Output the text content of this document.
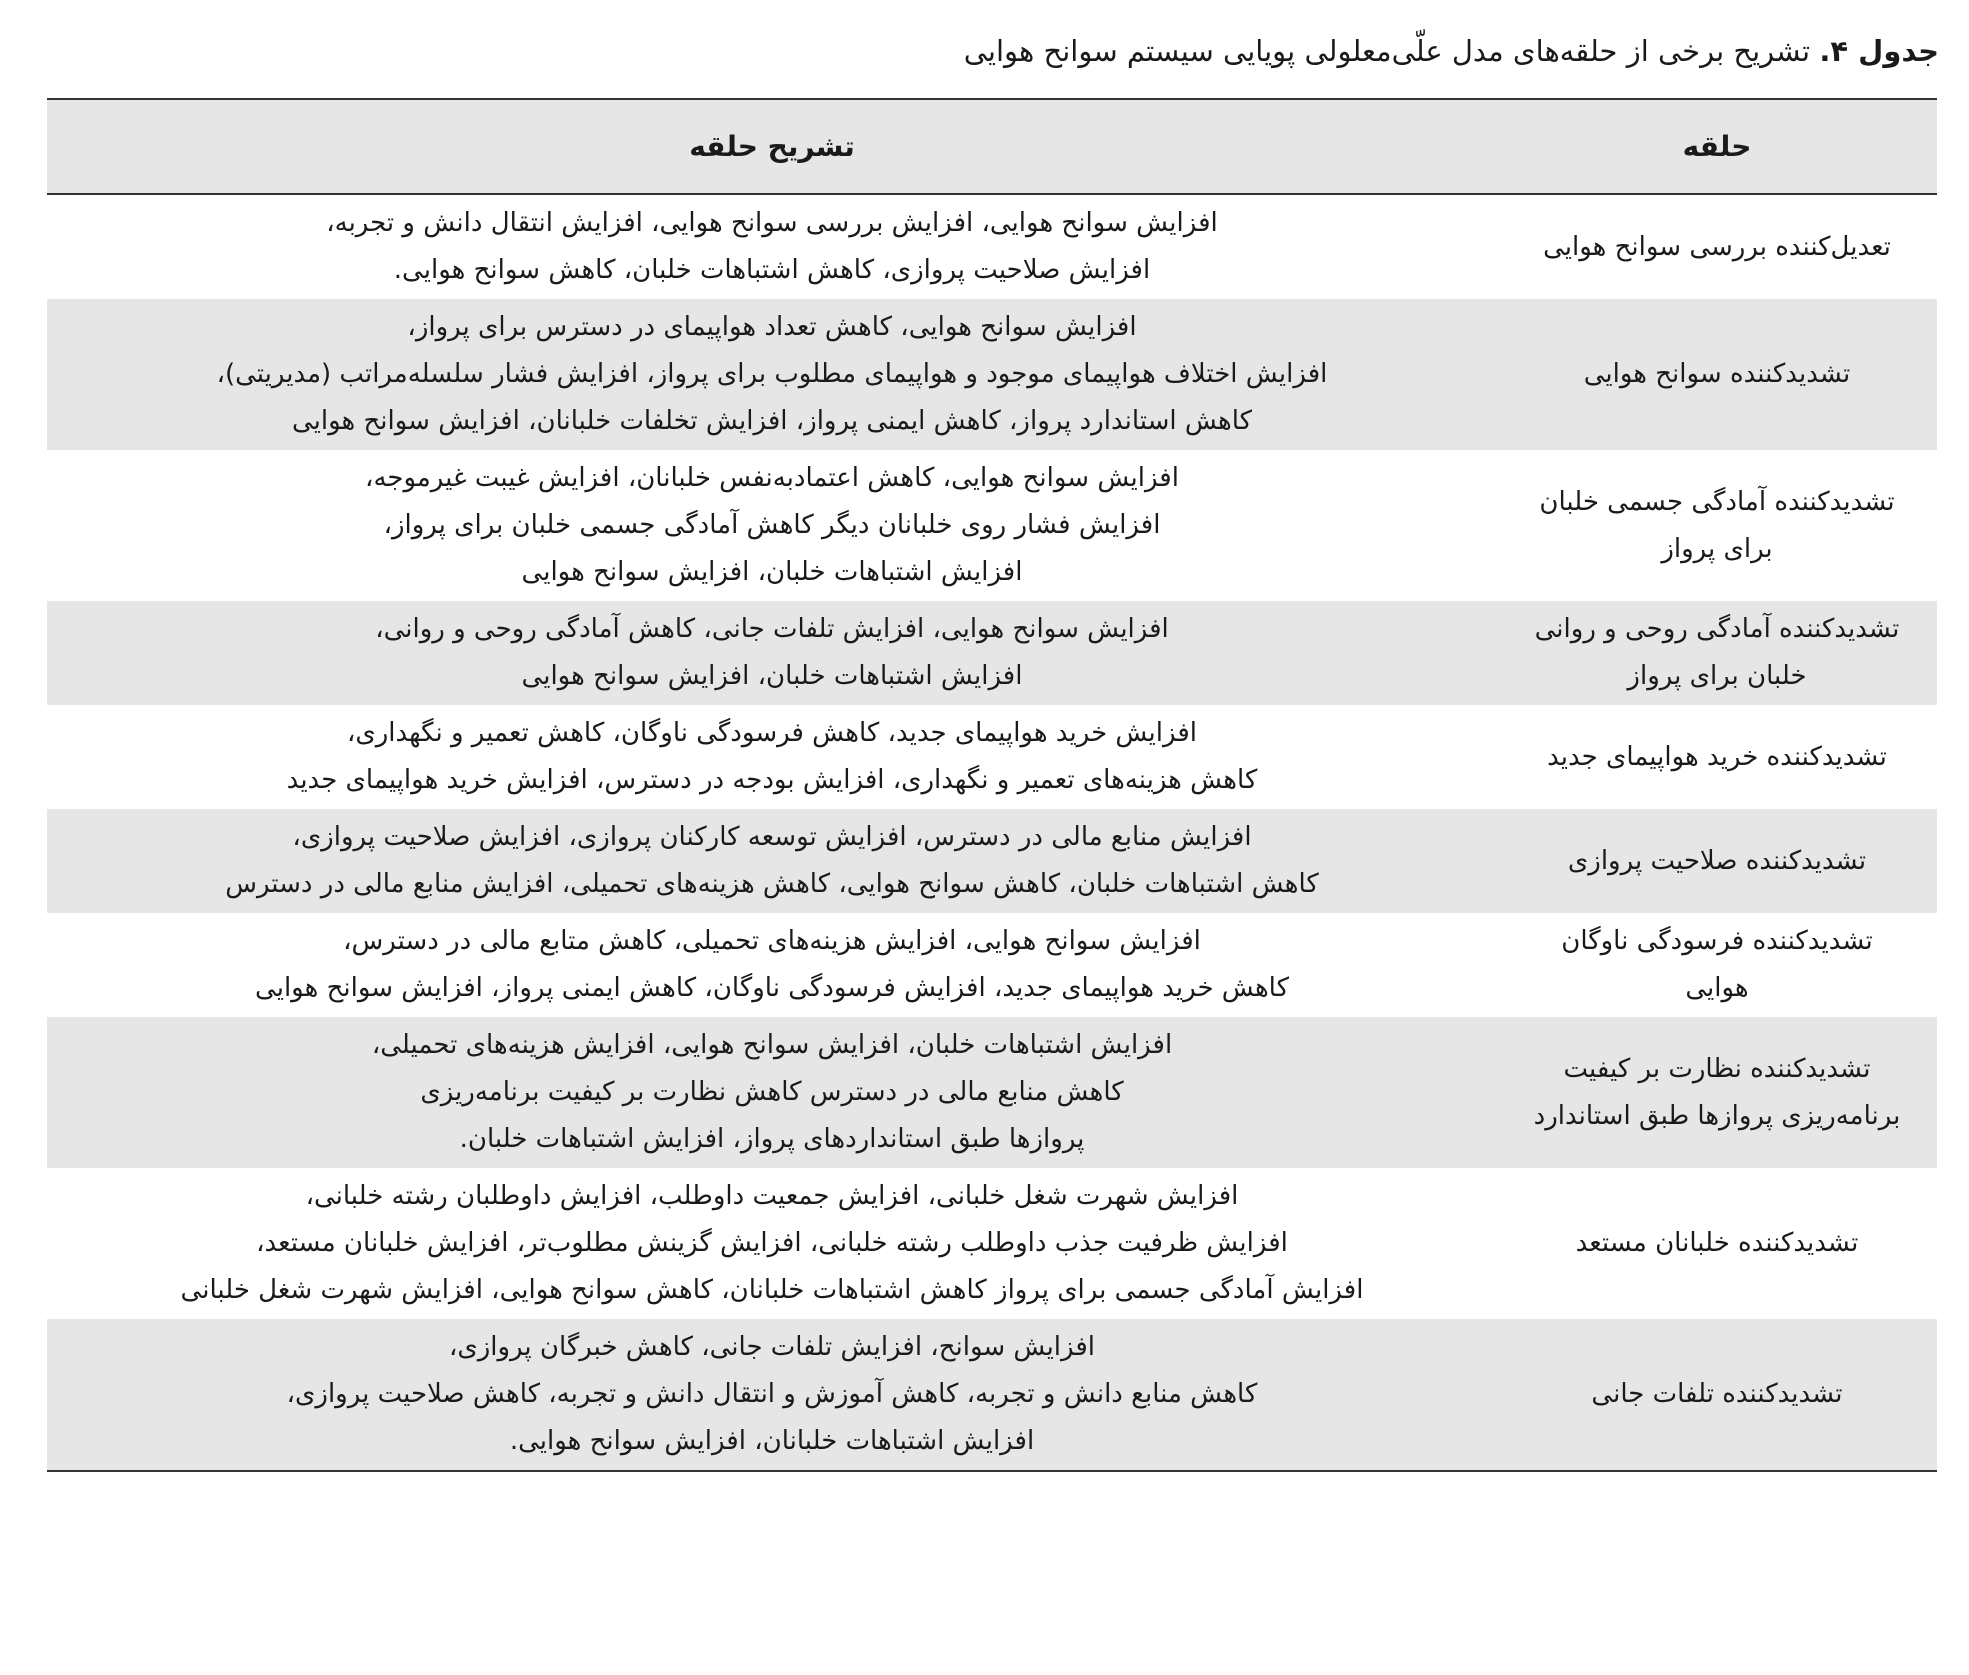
جدول ۴. تشریح برخی از حلقه‌های مدل علّی‌معلولی پویایی سیستم سوانح هوایی
حلقه	تشریح حلقه

تعدیل‌کننده بررسی سوانح هوایی	افزایش سوانح هوایی، افزایش بررسی سوانح هوایی، افزایش انتقال دانش و تجربه،
افزایش صلاحیت پروازی، کاهش اشتباهات خلبان، کاهش سوانح هوایی.

تشدیدکننده سوانح هوایی	افزایش سوانح هوایی، کاهش تعداد هواپیمای در دسترس برای پرواز،
افزایش اختلاف هواپیمای موجود و هواپیمای مطلوب برای پرواز، افزایش فشار سلسله‌مراتب (مدیریتی)،
کاهش استاندارد پرواز، کاهش ایمنی پرواز، افزایش تخلفات خلبانان، افزایش سوانح هوایی

تشدیدکننده آمادگی جسمی خلبان
برای پرواز	افزایش سوانح هوایی، کاهش اعتمادبه‌نفس خلبانان، افزایش غیبت غیرموجه،
افزایش فشار روی خلبانان دیگر کاهش آمادگی جسمی خلبان برای پرواز،
افزایش اشتباهات خلبان، افزایش سوانح هوایی

تشدیدکننده آمادگی روحی و روانی
خلبان برای پرواز	افزایش سوانح هوایی، افزایش تلفات جانی، کاهش آمادگی روحی و روانی،
افزایش اشتباهات خلبان، افزایش سوانح هوایی

تشدیدکننده خرید هواپیمای جدید	افزایش خرید هواپیمای جدید، کاهش فرسودگی ناوگان، کاهش تعمیر و نگهداری،
کاهش هزینه‌های تعمیر و نگهداری، افزایش بودجه در دسترس، افزایش خرید هواپیمای جدید

تشدیدکننده صلاحیت پروازی	افزایش منابع مالی در دسترس، افزایش توسعه کارکنان پروازی، افزایش صلاحیت پروازی،
کاهش اشتباهات خلبان، کاهش سوانح هوایی، کاهش هزینه‌های تحمیلی، افزایش منابع مالی در دسترس

تشدیدکننده فرسودگی ناوگان
هوایی	افزایش سوانح هوایی، افزایش هزینه‌های تحمیلی، کاهش متابع مالی در دسترس،
کاهش خرید هواپیمای جدید، افزایش فرسودگی ناوگان، کاهش ایمنی پرواز، افزایش سوانح هوایی

تشدیدکننده نظارت بر کیفیت
برنامه‌ریزی پروازها طبق استاندارد	افزایش اشتباهات خلبان، افزایش سوانح هوایی، افزایش هزینه‌های تحمیلی،
کاهش منابع مالی در دسترس کاهش نظارت بر کیفیت برنامه‌ریزی
پروازها طبق استانداردهای پرواز، افزایش اشتباهات خلبان.

تشدیدکننده خلبانان مستعد	افزایش شهرت شغل خلبانی، افزایش جمعیت داوطلب، افزایش داوطلبان رشته خلبانی،
افزایش ظرفیت جذب داوطلب رشته خلبانی، افزایش گزینش مطلوب‌تر، افزایش خلبانان مستعد،
افزایش آمادگی جسمی برای پرواز کاهش اشتباهات خلبانان، کاهش سوانح هوایی، افزایش شهرت شغل خلبانی

تشدیدکننده تلفات جانی	افزایش سوانح، افزایش تلفات جانی، کاهش خبرگان پروازی،
کاهش منابع دانش و تجربه، کاهش آموزش و انتقال دانش و تجربه، کاهش صلاحیت پروازی،
افزایش اشتباهات خلبانان، افزایش سوانح هوایی.
